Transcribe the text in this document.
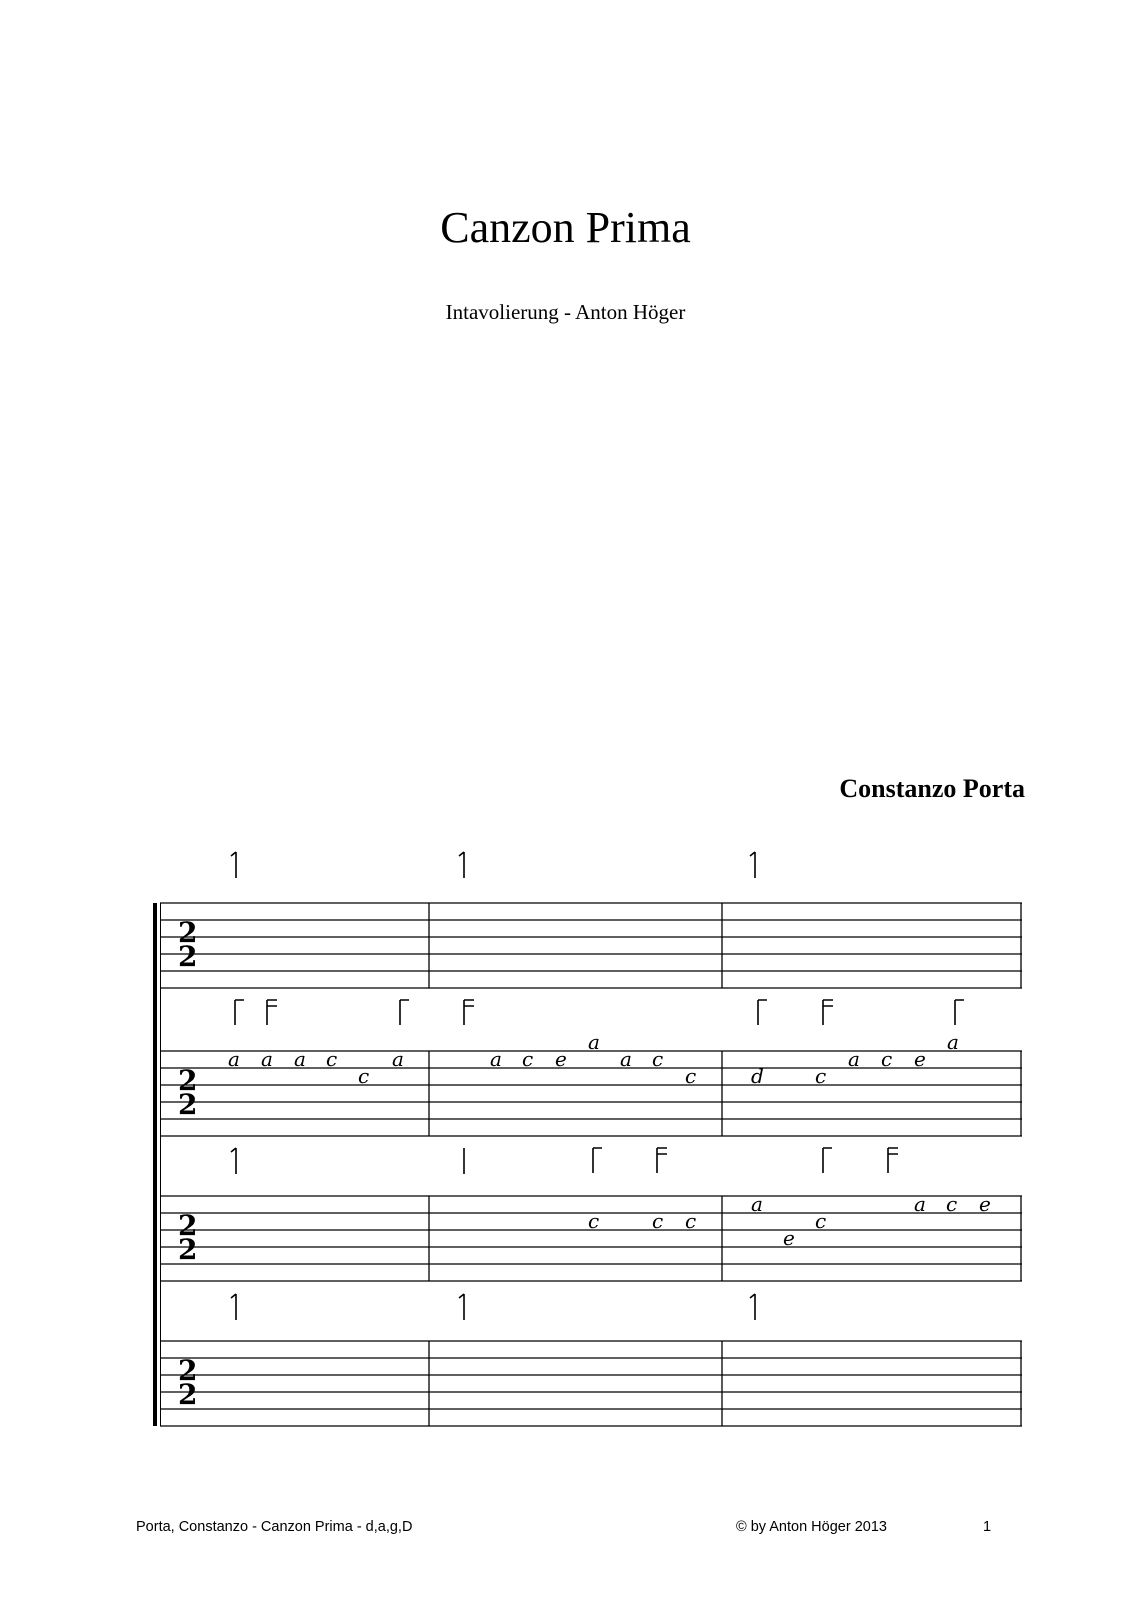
Canzon Prima
Intavolierung - Anton Höger
Constanzo Porta
2
2
2
2
a a a c
c
a	a c e
a
a c
c	d	c
a c e
a
2
2
c	c c
a
e
c
a c e
2
2
Porta, Constanzo - Canzon Prima - d,a,g,D	© by Anton Höger 2013	1
